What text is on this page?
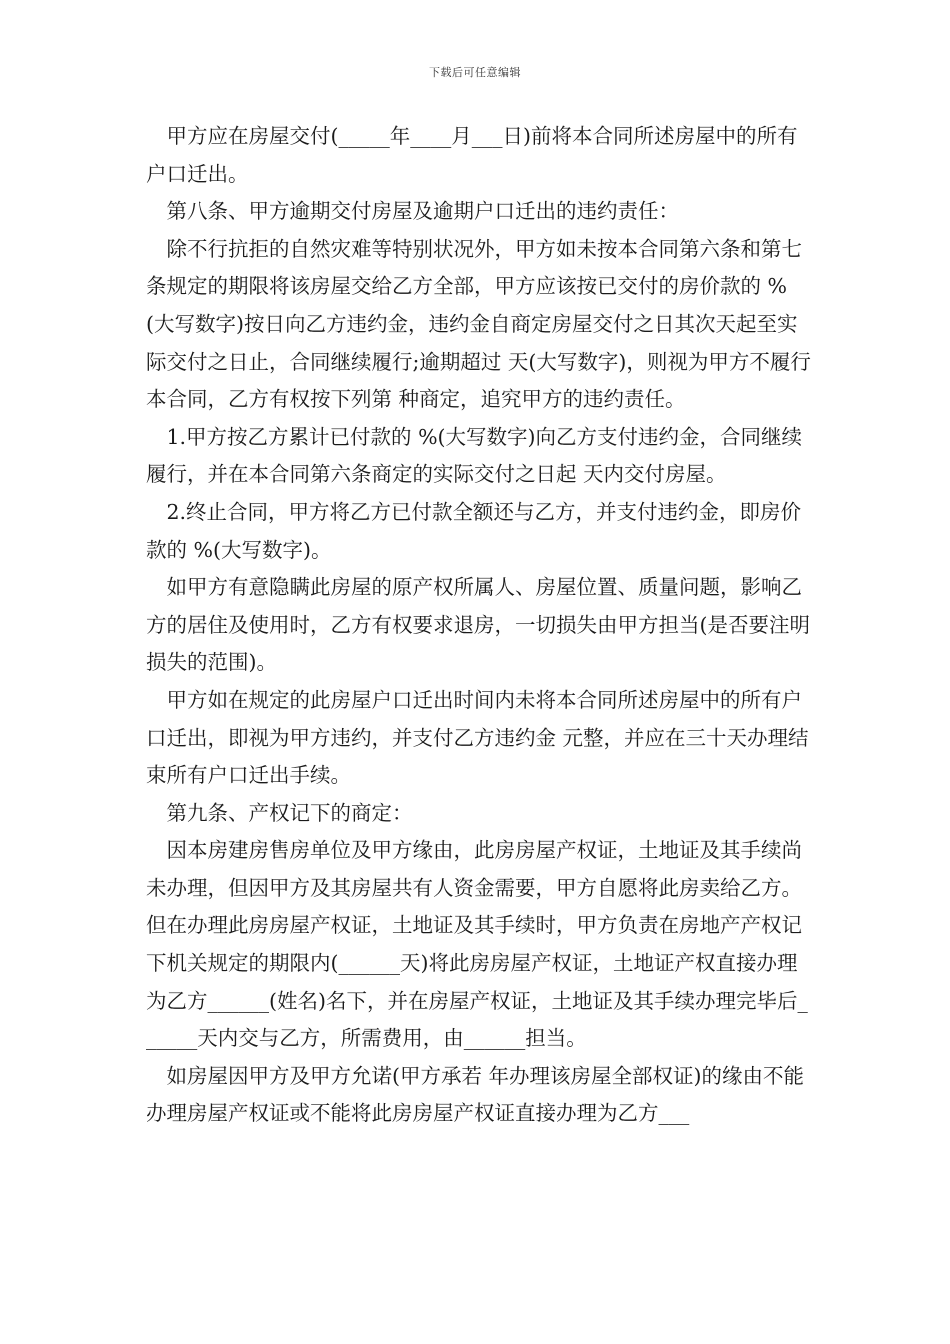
下载后可任意编辑

甲方应在房屋交付(_____年____月___日)前将本合同所述房屋中的所有户口迁出。

第八条、甲方逾期交付房屋及逾期户口迁出的违约责任：

除不行抗拒的自然灾难等特别状况外，甲方如未按本合同第六条和第七条规定的期限将该房屋交给乙方全部，甲方应该按已交付的房价款的 %(大写数字)按日向乙方违约金，违约金自商定房屋交付之日其次天起至实际交付之日止，合同继续履行;逾期超过 天(大写数字)，则视为甲方不履行本合同，乙方有权按下列第 种商定，追究甲方的违约责任。

1.甲方按乙方累计已付款的 %(大写数字)向乙方支付违约金，合同继续履行，并在本合同第六条商定的实际交付之日起 天内交付房屋。

2.终止合同，甲方将乙方已付款全额还与乙方，并支付违约金，即房价款的 %(大写数字)。

如甲方有意隐瞒此房屋的原产权所属人、房屋位置、质量问题，影响乙方的居住及使用时，乙方有权要求退房，一切损失由甲方担当(是否要注明损失的范围)。

甲方如在规定的此房屋户口迁出时间内未将本合同所述房屋中的所有户口迁出，即视为甲方违约，并支付乙方违约金 元整，并应在三十天办理结束所有户口迁出手续。

第九条、产权记下的商定：

因本房建房售房单位及甲方缘由，此房房屋产权证，土地证及其手续尚未办理，但因甲方及其房屋共有人资金需要，甲方自愿将此房卖给乙方。但在办理此房房屋产权证，土地证及其手续时，甲方负责在房地产产权记下机关规定的期限内(______天)将此房房屋产权证，土地证产权直接办理为乙方______(姓名)名下，并在房屋产权证，土地证及其手续办理完毕后______天内交与乙方，所需费用，由______担当。

如房屋因甲方及甲方允诺(甲方承若 年办理该房屋全部权证)的缘由不能办理房屋产权证或不能将此房房屋产权证直接办理为乙方___
